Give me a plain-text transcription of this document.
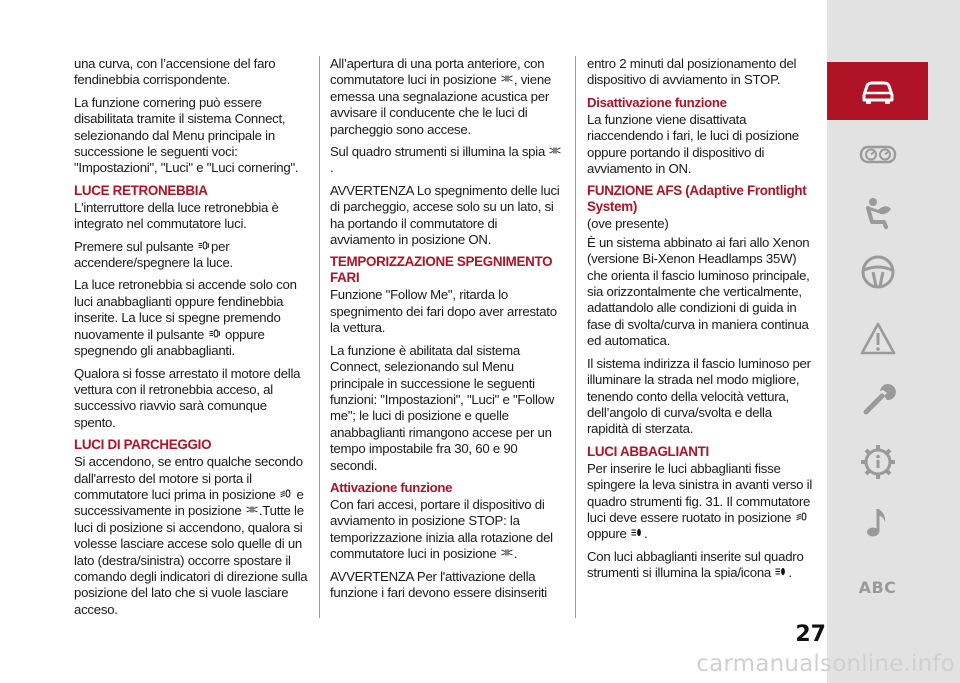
una curva, con l’accensione del faro fendinebbia corrispondente.

La funzione cornering può essere disabilitata tramite il sistema Connect, selezionando dal Menu principale in successione le seguenti voci: "Impostazioni", "Luci" e "Luci cornering".

LUCE RETRONEBBIA

L'interruttore della luce retronebbia è integrato nel commutatore luci.

Premere sul pulsante per accendere/spegnere la luce.

La luce retronebbia si accende solo con luci anabbaglianti oppure fendinebbia inserite. La luce si spegne premendo nuovamente il pulsante oppure spegnendo gli anabbaglianti.

Qualora si fosse arrestato il motore della vettura con il retronebbia acceso, al successivo riavvio sarà comunque spento.

LUCI DI PARCHEGGIO

Si accendono, se entro qualche secondo dall'arresto del motore si porta il commutatore luci prima in posizione e successivamente in posizione .Tutte le luci di posizione si accendono, qualora si volesse lasciare accese solo quelle di un lato (destra/sinistra) occorre spostare il comando degli indicatori di direzione sulla posizione del lato che si vuole lasciare acceso.

All’apertura di una porta anteriore, con commutatore luci in posizione , viene emessa una segnalazione acustica per avvisare il conducente che le luci di parcheggio sono accese.

Sul quadro strumenti si illumina la spia
.

AVVERTENZA Lo spegnimento delle luci di parcheggio, accese solo su un lato, si ha portando il commutatore di avviamento in posizione ON.

TEMPORIZZAZIONE SPEGNIMENTO FARI

Funzione "Follow Me", ritarda lo spegnimento dei fari dopo aver arrestato la vettura.

La funzione è abilitata dal sistema Connect, selezionando sul Menu principale in successione le seguenti funzioni: "Impostazioni", "Luci" e "Follow me"; le luci di posizione e quelle anabbaglianti rimangono accese per un tempo impostabile fra 30, 60 e 90 secondi.

Attivazione funzione

Con fari accesi, portare il dispositivo di avviamento in posizione STOP: la temporizzazione inizia alla rotazione del commutatore luci in posizione .

AVVERTENZA Per l'attivazione della funzione i fari devono essere disinseriti

entro 2 minuti dal posizionamento del dispositivo di avviamento in STOP.

Disattivazione funzione

La funzione viene disattivata riaccendendo i fari, le luci di posizione oppure portando il dispositivo di avviamento in ON.

FUNZIONE AFS (Adaptive Frontlight System)

(ove presente)

È un sistema abbinato ai fari allo Xenon (versione Bi-Xenon Headlamps 35W) che orienta il fascio luminoso principale, sia orizzontalmente che verticalmente, adattandolo alle condizioni di guida in fase di svolta/curva in maniera continua ed automatica.

Il sistema indirizza il fascio luminoso per illuminare la strada nel modo migliore, tenendo conto della velocità vettura, dell’angolo di curva/svolta e della rapidità di sterzata.

LUCI ABBAGLIANTI

Per inserire le luci abbaglianti fisse spingere la leva sinistra in avanti verso il quadro strumenti fig. 31. Il commutatore luci deve essere ruotato in posizione
oppure .

Con luci abbaglianti inserite sul quadro strumenti si illumina la spia/icona .

ABC
27
carmanualsonline.info
